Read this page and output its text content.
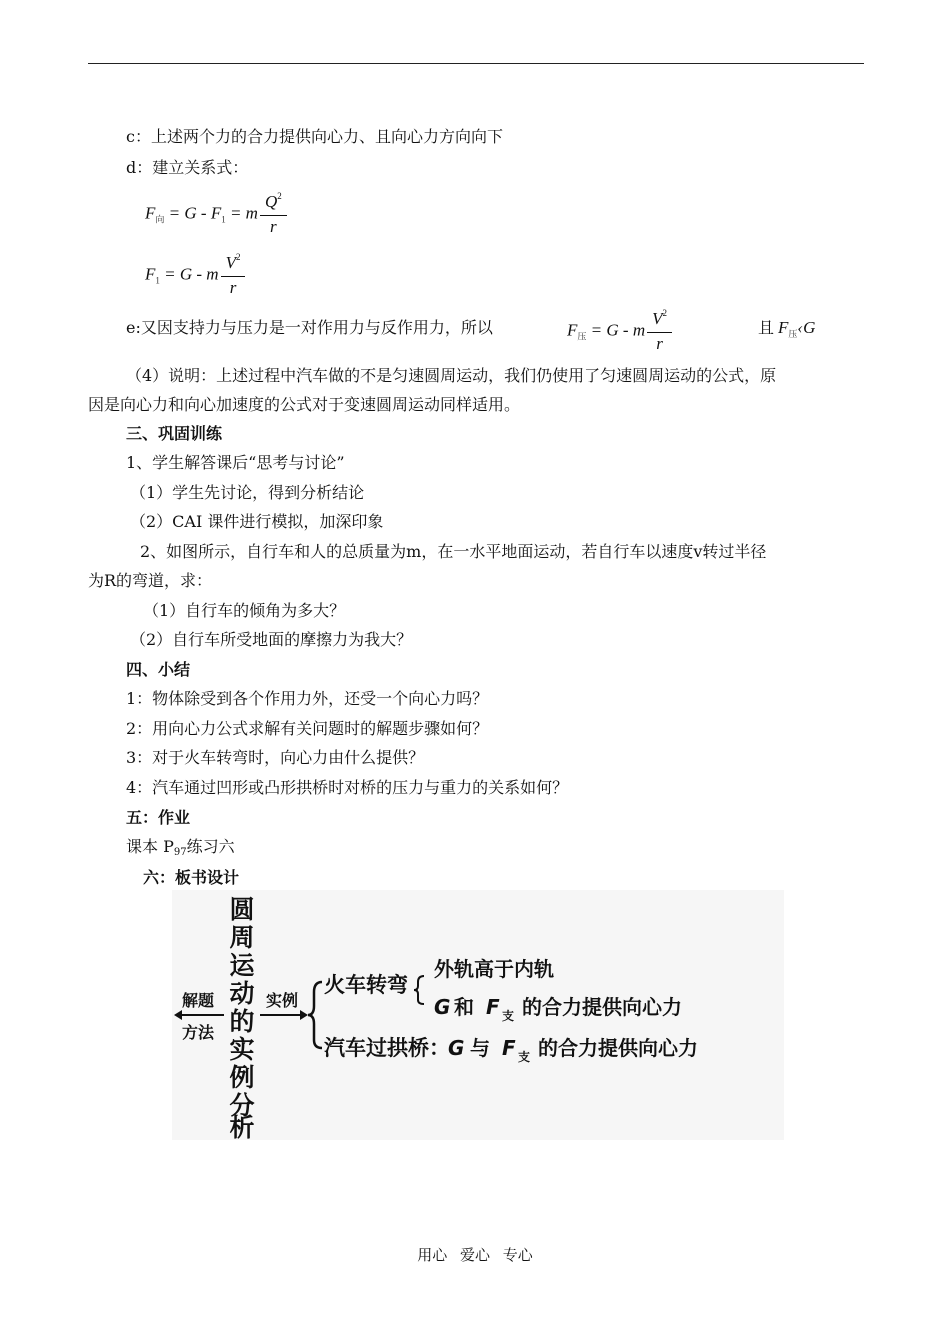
c：上述两个力的合力提供向心力、且向心力方向向下
d：建立关系式：
$F_向 = G - F_1 = m \frac{Q^2}{r}$
$F_1 = G - m \frac{V^2}{r}$
e:又因支持力与压力是一对作用力与反作用力，所以	$F_压 = G - m \frac{V^2}{r}$	且 $F_压‹G$
（4）说明：上述过程中汽车做的不是匀速圆周运动，我们仍使用了匀速圆周运动的公式，原
因是向心力和向心加速度的公式对于变速圆周运动同样适用。
三、巩固训练
1、学生解答课后“思考与讨论”
（1）学生先讨论，得到分析结论
（2）CAI 课件进行模拟，加深印象
2、如图所示，自行车和人的总质量为m，在一水平地面运动，若自行车以速度v转过半径
为R的弯道，求：
（1）自行车的倾角为多大？
（2）自行车所受地面的摩擦力为我大？
四、小结
1：物体除受到各个作用力外，还受一个向心力吗？
2：用向心力公式求解有关问题时的解题步骤如何？
3：对于火车转弯时，向心力由什么提供？
4：汽车通过凹形或凸形拱桥时对桥的压力与重力的关系如何？
五：作业
课本 P97练习六
六：板书设计
圆
周
运
动
的
实
例
分
析
解题
方法
实例
火车转弯
外轨高于内轨
G 和 F 支 的合力提供向心力
汽车过拱桥：
G 与 F 支 的合力提供向心力
用心 爱心 专心
